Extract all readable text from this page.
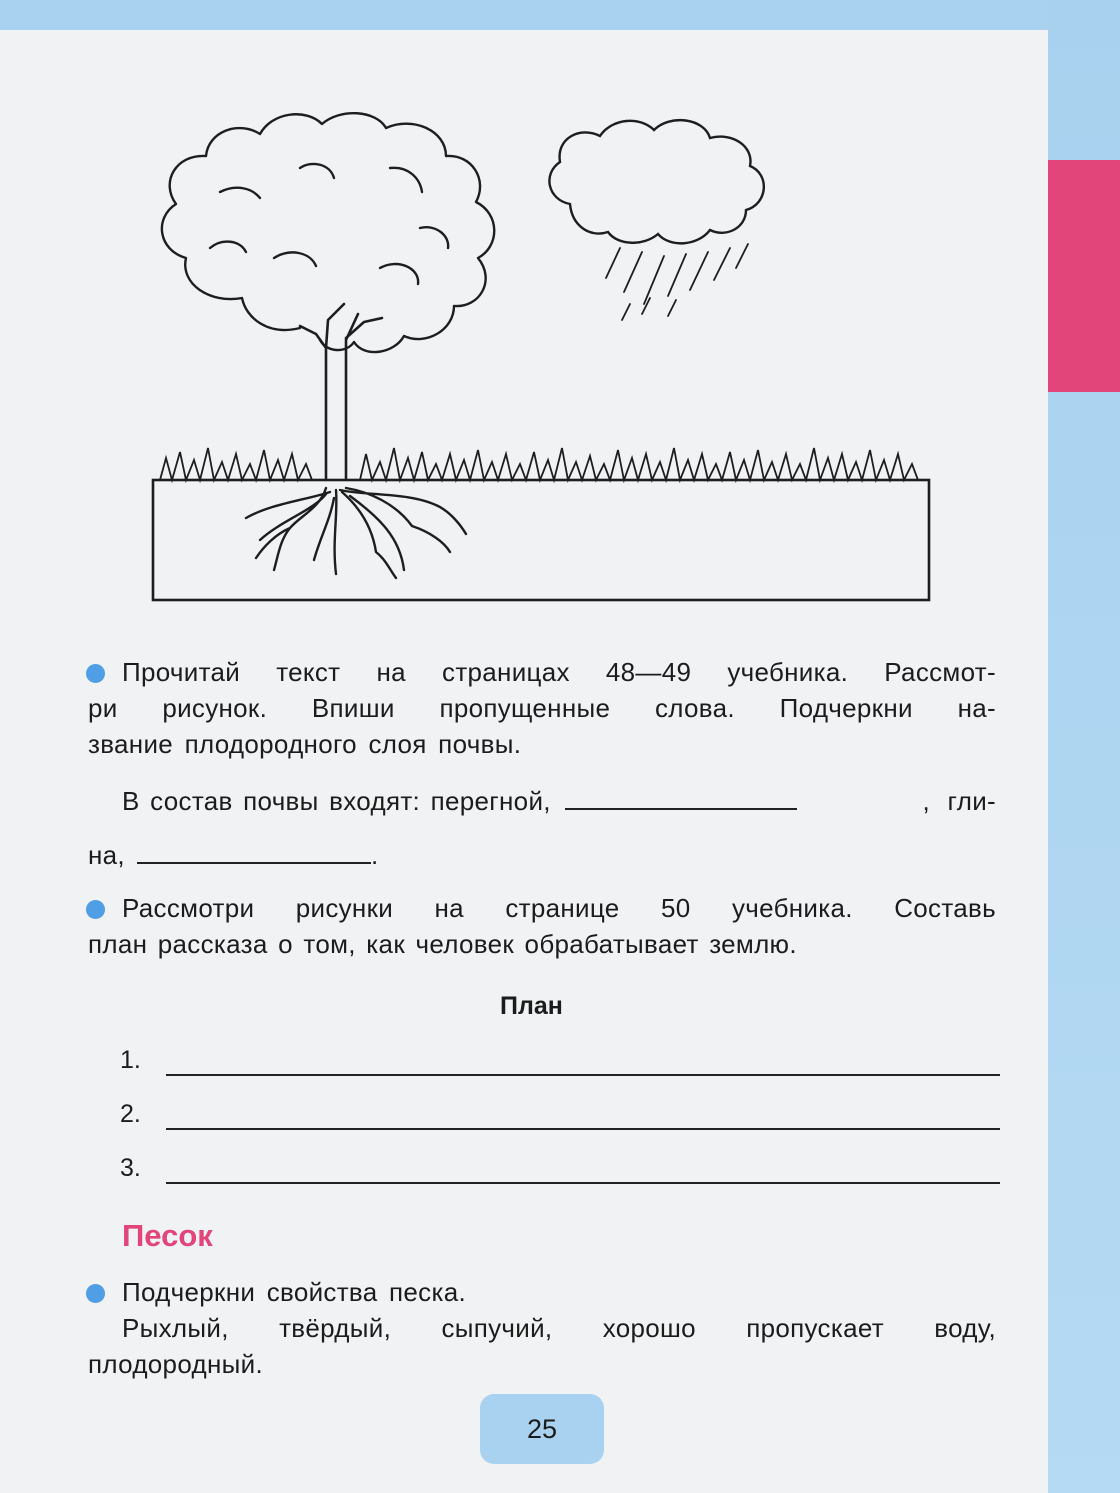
Прочитай текст на страницах 48—49 учебника. Рассмот-
ри рисунок. Впиши пропущенные слова. Подчеркни на-
звание плодородного слоя почвы.
В состав почвы входят: перегной,	, гли-
на,	.
Рассмотри рисунки на странице 50 учебника. Составь
план рассказа о том, как человек обрабатывает землю.
План
1.
2.
3.
Песок
Подчеркни свойства песка.
Рыхлый, твёрдый, сыпучий, хорошо пропускает воду,
плодородный.
25
